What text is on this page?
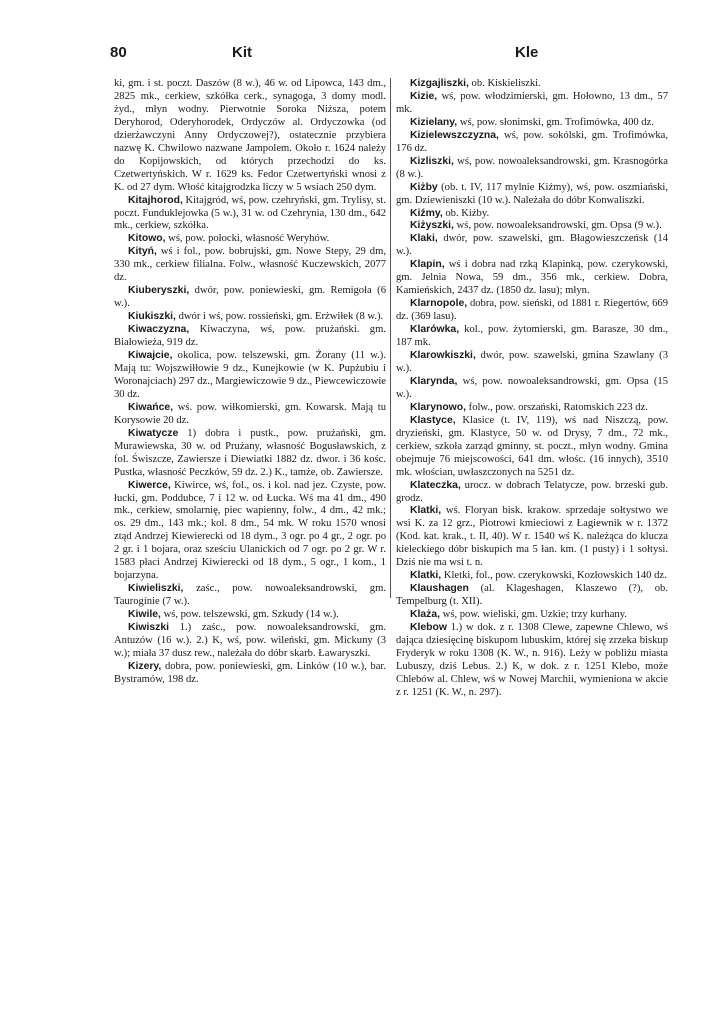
80	Kit	Kle

ki, gm. i st. poczt. Daszów (8 w.), 46 w. od Lipowca, 143 dm., 2825 mk., cerkiew, szkółka cerk., synagoga, 3 domy modl. żyd., młyn wodny. Pierwotnie Sorokа Niższa, potem Deryhorod, Oderyhorodek, Ordyczów al. Ordyczowka (od dzierżawczyni Anny Ordyczowej?), ostatecznie przybiera nazwę K. Chwilowo nazwane Jampolem. Około r. 1624 należy do Kopijowskich, od których przechodzi do ks. Czetwertyńskich. W r. 1629 ks. Fedor Czetwertyński wnosi z K. od 27 dym. Włość kitajgrodzka liczy w 5 wsiach 250 dym.

Kitajhorod, Kitajgród, wś, pow. czehryński, gm. Trylisy, st. poczt. Funduklejowka (5 w.), 31 w. od Czehrynia, 130 dm., 642 mk., cerkiew, szkółka.

Kitowo, wś, pow. połocki, własność Weryhów.

Kityń, wś i fol., pow. bobrujski, gm. Nowe Stepy, 29 dm, 330 mk., cerkiew filialna. Folw., własność Kuczewskich, 2077 dz.

Kiuberyszki, dwór, pow. poniewieski, gm. Remigoła (6 w.).

Kiukiszki, dwór i wś, pow. rossieński, gm. Erżwiłek (8 w.).

Kiwaczyzna, Kiwaczyna, wś, pow. prużański. gm. Białowieża, 919 dz.

Kiwajcie, okolica, pow. telszewski, gm. Żorany (11 w.). Mają tu: Wojszwiłłowie 9 dz., Kunejkowie (w K. Pupżubiu i Woronajciach) 297 dz., Margiewiczowie 9 dz., Piewcewiczowie 30 dz.

Kiwańce, wś. pow. wiłkomierski, gm. Kowarsk. Mają tu Korysowie 20 dz.

Kiwatycze 1) dobra i pustk., pow. prużański, gm. Murawiewska, 30 w. od Prużany, własność Bogusławskich, z fol. Świszcze, Zawiersze i Diewiatki 1882 dz. dwor. i 36 kośc. Pustka, własność Peczków, 59 dz. 2.) K., tamże, ob. Zawiersze.

Kiwerce, Kiwirce, wś, fol., os. i kol. nad jez. Czyste, pow. łucki, gm. Poddubce, 7 i 12 w. od Łucka. Wś ma 41 dm., 490 mk., cerkiew, smolarnię, piec wapienny, folw., 4 dm., 42 mk.; os. 29 dm., 143 mk.; kol. 8 dm., 54 mk. W roku 1570 wnosi ztąd Andrzej Kiewierecki od 18 dym., 3 ogr. po 4 gr., 2 ogr. po 2 gr. i 1 bojara, oraz sześciu Ulanickich od 7 ogr. po 2 gr. W r. 1583 płaci Andrzej Kiwierecki od 18 dym., 5 ogr., 1 kom., 1 bojarzyna.

Kiwieliszki, zaśc., pow. nowoaleksandrowski, gm. Taurogínie (7 w.).

Kiwile, wś, pow. telszewski, gm. Szkudy (14 w.).

Kiwiszki 1.) zaśc., pow. nowoaleksandrowski, gm. Antuzów (16 w.). 2.) K, wś, pow. wileński, gm. Mickuny (3 w.); miała 37 dusz rew., należała do dóbr skarb. Ławaryszki.

Kizery, dobra, pow. poniewieski, gm. Linków (10 w.), bar. Bystramów, 198 dz.

Kizgajliszki, ob. Kiskieliszki.

Kizie, wś, pow. włodzimierski, gm. Hołowno, 13 dm., 57 mk.

Kizielany, wś, pow. słonimski, gm. Trofimówka, 400 dz.

Kizielewszczyzna, wś, pow. sokólski, gm. Trofimówka, 176 dz.

Kizliszki, wś, pow. nowoaleksandrowski, gm. Krasnogórka (8 w.).

Kiżby (ob. t. IV, 117 mylnie Kiźmy), wś, pow. oszmiański, gm. Dziewieniszki (10 w.). Należała do dóbr Konwaliszki.

Kiźmy, ob. Kiżby.

Kiżyszki, wś, pow. nowoaleksandrowski, gm. Opsa (9 w.).

Klaki, dwór, pow. szawelski, gm. Błagowieszczeńsk (14 w.).

Klapin, wś i dobra nad rzką Klapinką, pow. czerykowski, gm. Jelnia Nowa, 59 dm., 356 mk., cerkiew. Dobra, Kamieńskich, 2437 dz. (1850 dz. lasu); młyn.

Klarnopole, dobra, pow. sieński, od 1881 r. Riegertów, 669 dz. (369 lasu).

Klarówka, kol., pow. żytomierski, gm. Barasze, 30 dm., 187 mk.

Klarowkiszki, dwór, pow. szawelski, gmina Szawlany (3 w.).

Klarynda, wś, pow. nowoaleksandrowski, gm. Opsa (15 w.).

Klarynowo, folw., pow. orszański, Ratomskich 223 dz.

Klastyce, Klasice (t. IV, 119), wś nad Niszczą, pow. dryzieński, gm. Klastyce, 50 w. od Drysy, 7 dm., 72 mk., cerkiew, szkoła zarząd gminny, st. poczt., młyn wodny. Gmina obejmuje 76 miejscowości, 641 dm. włośc. (16 innych), 3510 mk. włościan, uwłaszczonych na 5251 dz.

Klateczka, urocz. w dobrach Telatycze, pow. brzeski gub. grodz.

Klatki, wś. Floryan bisk. krakow. sprzedaje sołtystwo we wsi K. za 12 grz., Piotrowi kmieciowi z Łagiewnik w r. 1372 (Kod. kat. krak., t. II, 40). W r. 1540 wś K. należąca do klucza kieleckiego dóbr biskupich ma 5 łan. km. (1 pusty) i 1 sołtysi. Dziś nie ma wsi t. n.

Klatki, Kletki, fol., pow. czerykowski, Kozłowskich 140 dz.

Klaushagen (al. Klageshagen, Klaszewo (?), ob. Tempelburg (t. XII).

Klaża, wś, pow. wieliski, gm. Uzkie; trzy kurhany.

Klebow 1.) w dok. z r. 1308 Clewe, zapewne Chlewo, wś dająca dziesięcinę biskupom lubuskim, której się zrzeka biskup Fryderyk w roku 1308 (K. W., n. 916). Leży w pobliżu miasta Lubuszy, dziś Lebus. 2.) K, w dok. z r. 1251 Klebo, może Chlebów al. Chlew, wś w Nowej Marchii, wymieniona w akcie z r. 1251 (K. W., n. 297).
